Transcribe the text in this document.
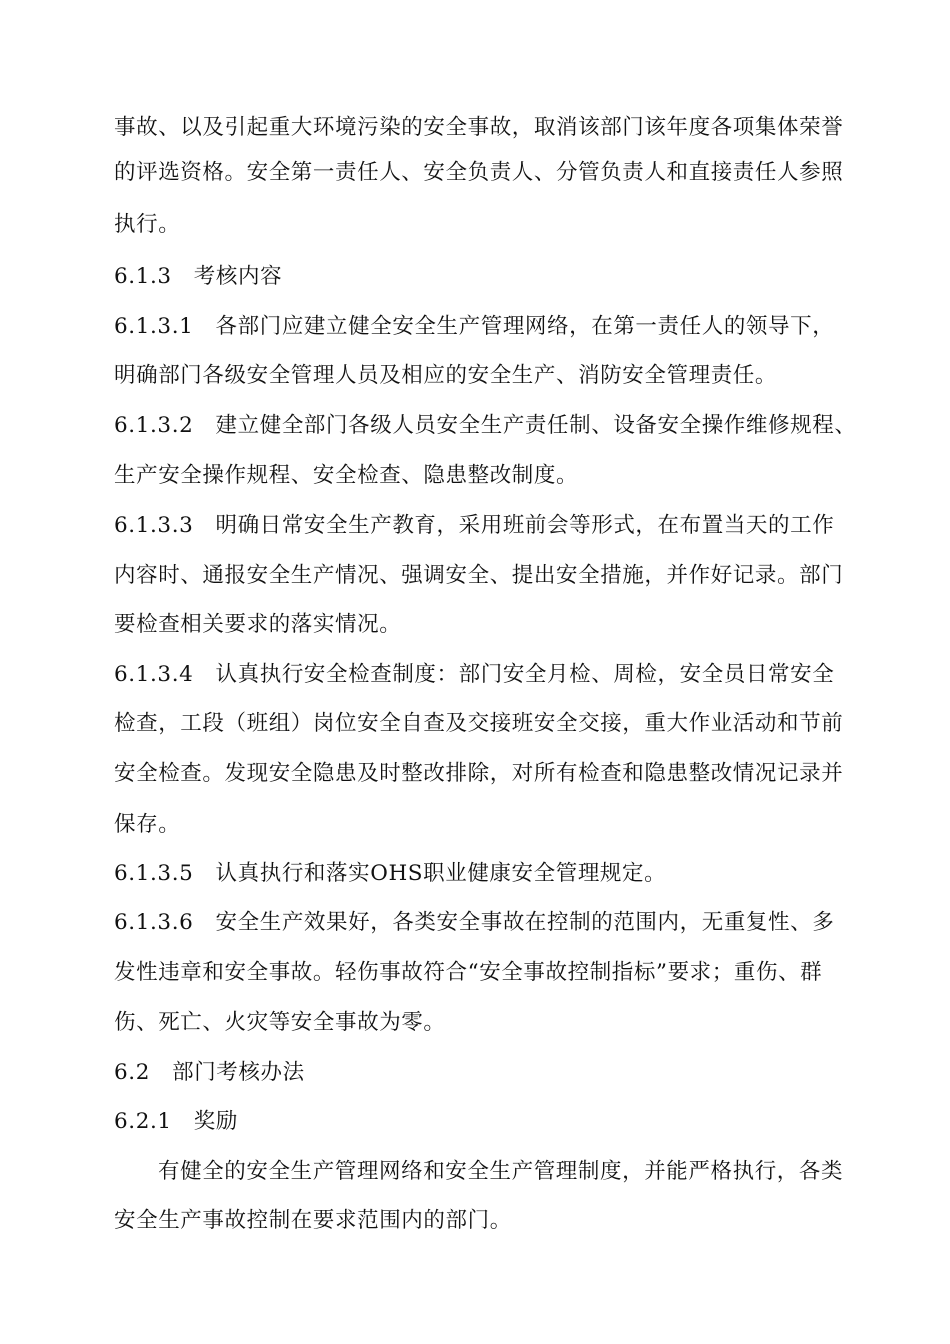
事故、以及引起重大环境污染的安全事故，取消该部门该年度各项集体荣誉
的评选资格。安全第一责任人、安全负责人、分管负责人和直接责任人参照
执行。
6.1.3　考核内容
6.1.3.1　各部门应建立健全安全生产管理网络，在第一责任人的领导下，
明确部门各级安全管理人员及相应的安全生产、消防安全管理责任。
6.1.3.2　建立健全部门各级人员安全生产责任制、设备安全操作维修规程、
生产安全操作规程、安全检查、隐患整改制度。
6.1.3.3　明确日常安全生产教育，采用班前会等形式，在布置当天的工作
内容时、通报安全生产情况、强调安全、提出安全措施，并作好记录。部门
要检查相关要求的落实情况。
6.1.3.4　认真执行安全检查制度：部门安全月检、周检，安全员日常安全
检查，工段（班组）岗位安全自查及交接班安全交接，重大作业活动和节前
安全检查。发现安全隐患及时整改排除，对所有检查和隐患整改情况记录并
保存。
6.1.3.5　认真执行和落实OHS职业健康安全管理规定。
6.1.3.6　安全生产效果好，各类安全事故在控制的范围内，无重复性、多
发性违章和安全事故。轻伤事故符合“安全事故控制指标”要求；重伤、群
伤、死亡、火灾等安全事故为零。
6.2　部门考核办法
6.2.1　奖励
有健全的安全生产管理网络和安全生产管理制度，并能严格执行，各类
安全生产事故控制在要求范围内的部门。
